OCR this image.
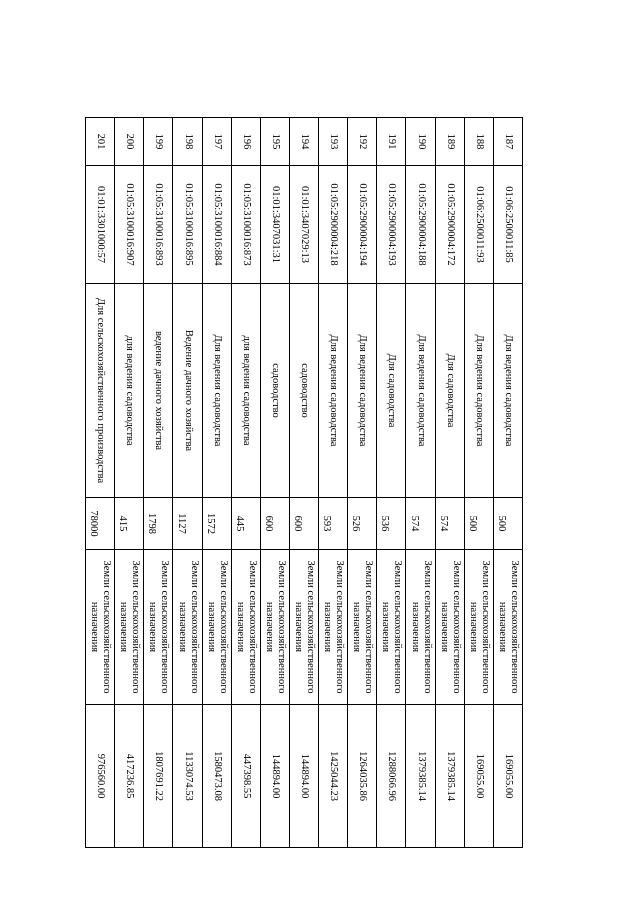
187	01:06:2500011:85	Для ведения садоводства	500	Земли сельскохозяйственного назначения	169055.00
188	01:06:2500011:93	Для ведения садоводства	500	Земли сельскохозяйственного назначения	169055.00
189	01:05:2900004:172	Для садоводства	574	Земли сельскохозяйственного назначения	1379385.14
190	01:05:2900004:188	Для ведения садоводства	574	Земли сельскохозяйственного назначения	1379385.14
191	01:05:2900004:193	Для садоводства	536	Земли сельскохозяйственного назначения	1288066.96
192	01:05:2900004:194	Для ведения садоводства	526	Земли сельскохозяйственного назначения	1264035.86
193	01:05:2900004:218	Для ведения садоводства	593	Земли сельскохозяйственного назначения	1425044.23
194	01:01:3407029:13	садоводство	600	Земли сельскохозяйственного назначения	144894.00
195	01:01:3407031:31	садоводство	600	Земли сельскохозяйственного назначения	144894.00
196	01:05:3100016:873	для ведения садоводства	445	Земли сельскохозяйственного назначения	447398.55
197	01:05:3100016:884	Для ведения садоводства	1572	Земли сельскохозяйственного назначения	1580473.08
198	01:05:3100016:895	Ведение дачного хозяйства	1127	Земли сельскохозяйственного назначения	1133074.53
199	01:05:3100016:893	ведение дачного хозяйства	1798	Земли сельскохозяйственного назначения	1807691.22
200	01:05:3100016:907	для ведения садоводства	415	Земли сельскохозяйственного назначения	417236.85
201	01:01:3301000:57	Для сельскохозяйственного производства	78000	Земли сельскохозяйственного назначения	976560.00
